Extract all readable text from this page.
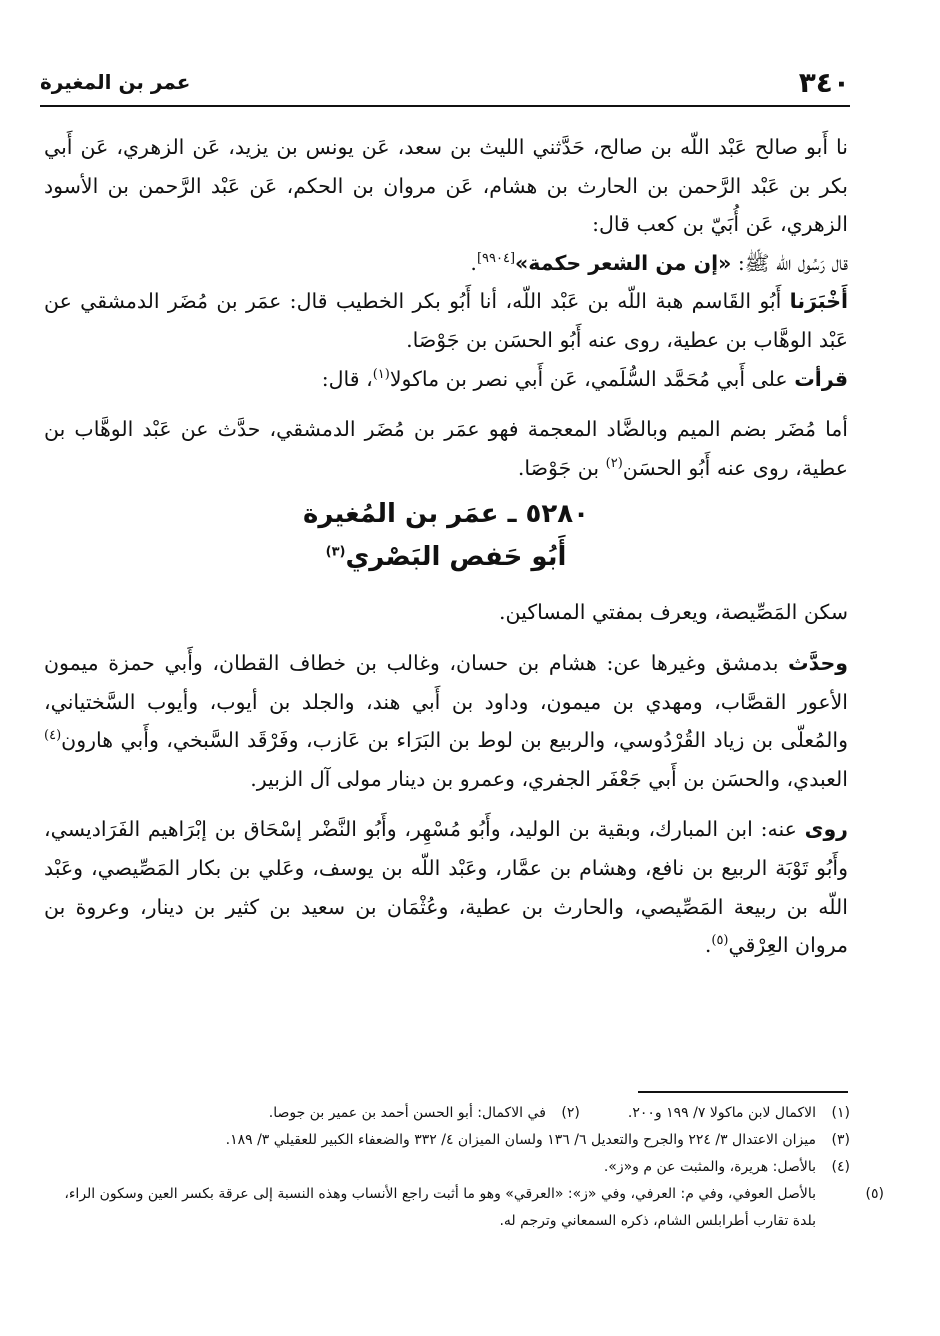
٣٤٠
عمر بن المغيرة

نا أَبو صالح عَبْد اللّه بن صالح، حَدَّثني الليث بن سعد، عَن يونس بن يزيد، عَن الزهري، عَن أَبي بكر بن عَبْد الرَّحمن بن الحارث بن هشام، عَن مروان بن الحكم، عَن عَبْد الرَّحمن بن الأسود الزهري، عَن أُبَيّ بن كعب قال:

قال رَسُول اللّه ﷺ: «إن من الشعر حكمة»[٩٩٠٤].

أَخْبَرَنا أَبُو القَاسم هبة اللّه بن عَبْد اللّه، أنا أَبُو بكر الخطيب قال: عمَر بن مُضَر الدمشقي عن عَبْد الوهَّاب بن عطية، روى عنه أَبُو الحسَن بن جَوْصَا.

قرأت على أَبي مُحَمَّد السُّلَمي، عَن أَبي نصر بن ماكولا$^{(١)}$، قال:

أما مُضَر بضم الميم وبالضَّاد المعجمة فهو عمَر بن مُضَر الدمشقي، حدَّث عن عَبْد الوهَّاب بن عطية، روى عنه أَبُو الحسَن$^{(٢)}$ بن جَوْصَا.

٥٢٨٠ ـ عمَر بن المُغيرة

أَبُو حَفص البَصْري$^{(٣)}$

سكن المَصِّيصة، ويعرف بمفتي المساكين.

وحدَّث بدمشق وغيرها عن: هشام بن حسان، وغالب بن خطاف القطان، وأَبي حمزة ميمون الأعور القصَّاب، ومهدي بن ميمون، وداود بن أَبي هند، والجلد بن أيوب، وأيوب السَّختياني، والمُعلّى بن زياد القُرْدُوسي، والربيع بن لوط بن البَرَاء بن عَازب، وفَرْقَد السَّبخي، وأَبي هارون$^{(٤)}$ العبدي، والحسَن بن أَبي جَعْفَر الجفري، وعمرو بن دينار مولى آل الزبير.

روى عنه: ابن المبارك، وبقية بن الوليد، وأَبُو مُسْهِر، وأَبُو النَّضْر إسْحَاق بن إبْرَاهيم الفَرَاديسي، وأَبُو تَوْبَة الربيع بن نافع، وهشام بن عمَّار، وعَبْد اللّه بن يوسف، وعَلي بن بكار المَصِّيصي، وعَبْد اللّه بن ربيعة المَصِّيصي، والحارث بن عطية، وعُثْمَان بن سعيد بن كثير بن دينار، وعروة بن مروان العِرْقي$^{(٥)}$.

(١)الاكمال لابن ماكولا ٧/ ١٩٩ و٢٠٠.

(٢)في الاكمال: أبو الحسن أحمد بن عمير بن جوصا.

(٣)ميزان الاعتدال ٣/ ٢٢٤ والجرح والتعديل ٦/ ١٣٦ ولسان الميزان ٤/ ٣٣٢ والضعفاء الكبير للعقيلي ٣/ ١٨٩.

(٤)بالأصل: هريرة، والمثبت عن م و«ز».

(٥)بالأصل العوفي، وفي م: العرفي، وفي «ز»: «العرقي» وهو ما أثبت راجع الأنساب وهذه النسبة إلى عرقة بكسر العين وسكون الراء، بلدة تقارب أطرابلس الشام، ذكره السمعاني وترجم له.
